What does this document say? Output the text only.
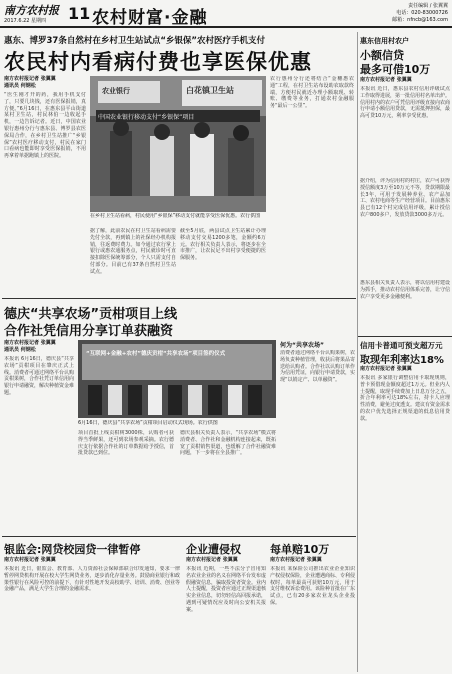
南方农村报
2017.6.22 星期四 11 农村财富·金融
责任编辑 / 张翼翼
电话：020-83000726
邮箱：nfncb@163.com
惠东、博罗37条自然村在乡村卫生站试点“乡银保”农村医疗手机支付
农民村内看病付费也享医保优惠
南方农村报记者 张翼翼
通讯员 何钢松
“医生刚才开的药，我用手机支付了，只要几块钱，还有医保报销，真方便。”6月16日，在惠东县平山街道某村卫生站，村民林伯一边收起手机，一边告诉记者。近日，中国农业银行惠州分行与惠东县、博罗县农医保局合作，在乡村卫生站推广“乡银保”农村医疗移动支付，村民在家门口看病也能即时享受医保报销，不用再拿着单据跑镇上的医院。
白花镇卫生站
农业银行
中国农业银行移动支付“乡银保”项目
在乡村卫生站看病，村民使用“乡银保”移动支付就能享受医保优惠。农行供图
据了解，此前农民在村卫生站看病需要先付全款，再到镇上的社保经办机构报销，往返费时费力。如今通过农行掌上银行或惠农通服务点，村民就诊时可直接扣除医保统筹部分，个人只需支付自付部分。目前已有37条自然村卫生站试点。
截至5月底，两县试点卫生站累计办理移动支付交易1200多笔，金额约6万元。农行相关负责人表示，将逐步在全市推广，让农民足不出村享受便捷的医保服务。
农行惠州分行还将结合“金穗惠农通”工程，在村卫生站布设助农取款终端，方便村民就近办理小额取现、转账、缴费等业务，打通农村金融服务“最后一公里”。
惠东信用村农户
小额信贷
最多可借10万
南方农村报记者 张翼翼
本报讯 近日，惠东县农村信用评级试点工作取得进展，第一批信用村名单出炉。信用村内的农户可凭信用评级直接向农商行申请小额信用贷款，无需抵押担保，最高可贷10万元，利率享受优惠。
据介绍，评为信用村的村庄，农户可获得授信额度3万至10万元不等，贷款期限最长3年，可用于发展种养业、农产品加工、农村电商等生产经营项目。目前惠东县已有12个村完成信用评级，累计授信农户800多户，发放贷款3000多万元。
惠东县相关负责人表示，将以信用村建设为抓手，推动农村信用体系完善，让守信农户享受更多金融便利。
信用卡普通可预支超万元
取现年利率达18%
南方农村报记者 张翼翼
本报讯 多家银行调整信用卡取现规则，普卡预借现金额度超过1万元。但业内人士提醒，取现手续费加上日息万分之五，折合年利率可达18%左右，持卡人应理性消费，避免过度透支。建议有资金需求的农户优先选择正规渠道的低息信用贷款。
德庆“共享农场”贡柑项目上线
合作社凭信用分享订单获融资
南方农村报记者 张翼翼
通讯员 何钢松
本报讯 6月16日，德庆县“共享农场”贡柑项目在肇庆正式上线。消费者可通过网络平台认购贡柑果树，合作社凭订单信用向银行申请融资，解决种植资金难题。
“互联网+金融+农村”德庆贡柑“共享农场”项目签约仪式
6月16日，德庆县“共享农场”贡柑项目启动仪式现场。农行供图
项目首批上线贡柑树3000株，认购者可获得当季鲜果，还可到农场参观采摘。农行德庆支行依据合作社的订单数据给予授信，首批贷款已到位。
德庆县相关负责人表示，“共享农场”模式将消费者、合作社和金融机构连接起来，既拓宽了贡柑销售渠道，也缓解了合作社融资难问题，下一步将在全县推广。
何为“共享农场”
消费者通过网络平台认购果树，农场负责种植管理，收获后将果品寄送给认购者。合作社以认购订单作为信用凭证，向银行申请贷款，实现“以销定产、以单融资”。
银监会:网贷校园贷一律暂停
南方农村报记者 张翼翼
本报讯 近日，银监会、教育部、人力资源社会保障部联合印发通知，要求一律暂停网贷机构开展在校大学生网贷业务，逐步消化存量业务。鼓励商业银行和政策性银行在风险可控的前提下，有针对性地开发高校助学、培训、消费、创业等金融产品，满足大学生合理的金融需求。
企业遭侵权
南方农村报记者 张翼翼
本报讯 近期，一些不法分子冒用知名农业企业的名义在网络平台发布虚假融资信息，骗取投资者资金。业内人士提醒，投资者应通过正规渠道核实企业信息，切勿轻信高回报承诺，遇到可疑情况应及时向公安机关报案。
每单赔10万
南方农村报记者 张翼翼
本报讯 某保险公司推出农业企业知识产权侵权保险，企业遭遇商标、专利侵权时，每单最高可获赔10万元，用于支付维权诉讼费用。该险种首批在广东试点，已有20多家农业龙头企业投保。
